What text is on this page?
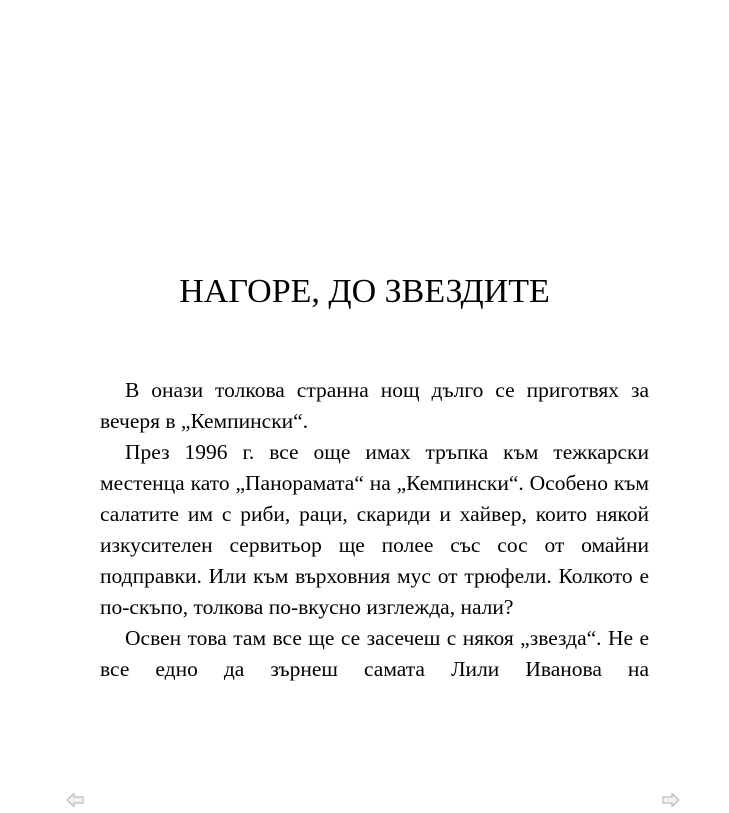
НАГОРЕ, ДО ЗВЕЗДИТЕ

В онази толкова странна нощ дълго се приготвях за вечеря в „Кемпински“.

През 1996 г. все още имах тръпка към тежкарски местенца като „Панорамата“ на „Кемпински“. Особено към салатите им с риби, раци, скариди и хайвер, които някой изкусителен сервитьор ще полее със сос от омайни подправки. Или към върховния мус от трюфели. Колкото е по-скъпо, толкова по-вкусно изглежда, нали?

Освен това там все ще се засечеш с някоя „звезда“. Не е все едно да зърнеш самата Лили Иванова на
